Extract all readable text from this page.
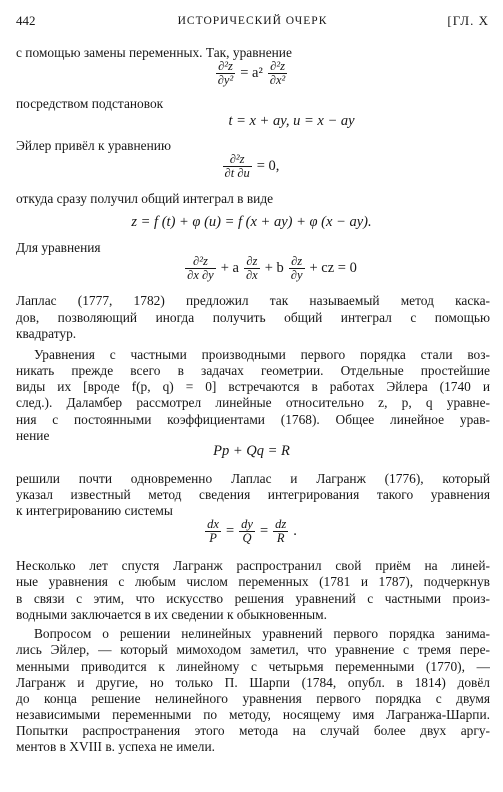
442	ИСТОРИЧЕСКИЙ ОЧЕРК	[ГЛ. X
с помощью замены переменных. Так, уравнение
$\frac{\text{∂²z}}{\text{∂y²}} = a^2 \frac{\text{∂²z}}{\text{∂x²}}$
посредством подстановок
t = x + ay, u = x − ay
Эйлер привёл к уравнению
$\frac{\text{∂²z}}{\partial t \partial u} = 0$,
откуда сразу получил общий интеграл в виде
z = f (t) + φ (u) = f (x + ay) + φ (x − ay).
Для уравнения
$\frac{\text{∂²z}}{\partial x \partial y} + a \frac{\partial z}{\partial x} + b \frac{\partial z}{\partial y}$ + cz = 0
Лаплас (1777, 1782) предложил так называемый метод каска-
дов, позволяющий иногда получить общий интеграл с помощью
квадратур.
Уравнения с частными производными первого порядка стали воз-
никать прежде всего в задачах геометрии. Отдельные простейшие
виды их [вроде f(p, q) = 0] встречаются в работах Эйлера (1740 и
след.). Даламбер рассмотрел линейные относительно z, p, q уравне-
ния с постоянными коэффициентами (1768). Общее линейное урав-
нение
Pp + Qq = R
решили почти одновременно Лаплас и Лагранж (1776), который
указал известный метод сведения интегрирования такого уравнения
к интегрированию системы
$\frac{dx}{P} = \frac{dy}{Q} = \frac{dz}{R}$ .
Несколько лет спустя Лагранж распространил свой приём на линей-
ные уравнения с любым числом переменных (1781 и 1787), подчеркнув
в связи с этим, что искусство решения уравнений с частными произ-
водными заключается в их сведении к обыкновенным.
Вопросом о решении нелинейных уравнений первого порядка занима-
лись Эйлер, — который мимоходом заметил, что уравнение с тремя пере-
менными приводится к линейному с четырьмя переменными (1770), —
Лагранж и другие, но только П. Шарпи (1784, опубл. в 1814) довёл
до конца решение нелинейного уравнения первого порядка с двумя
независимыми переменными по методу, носящему имя Лагранжа-Шарпи.
Попытки распространения этого метода на случай более двух аргу-
ментов в XVIII в. успеха не имели.
